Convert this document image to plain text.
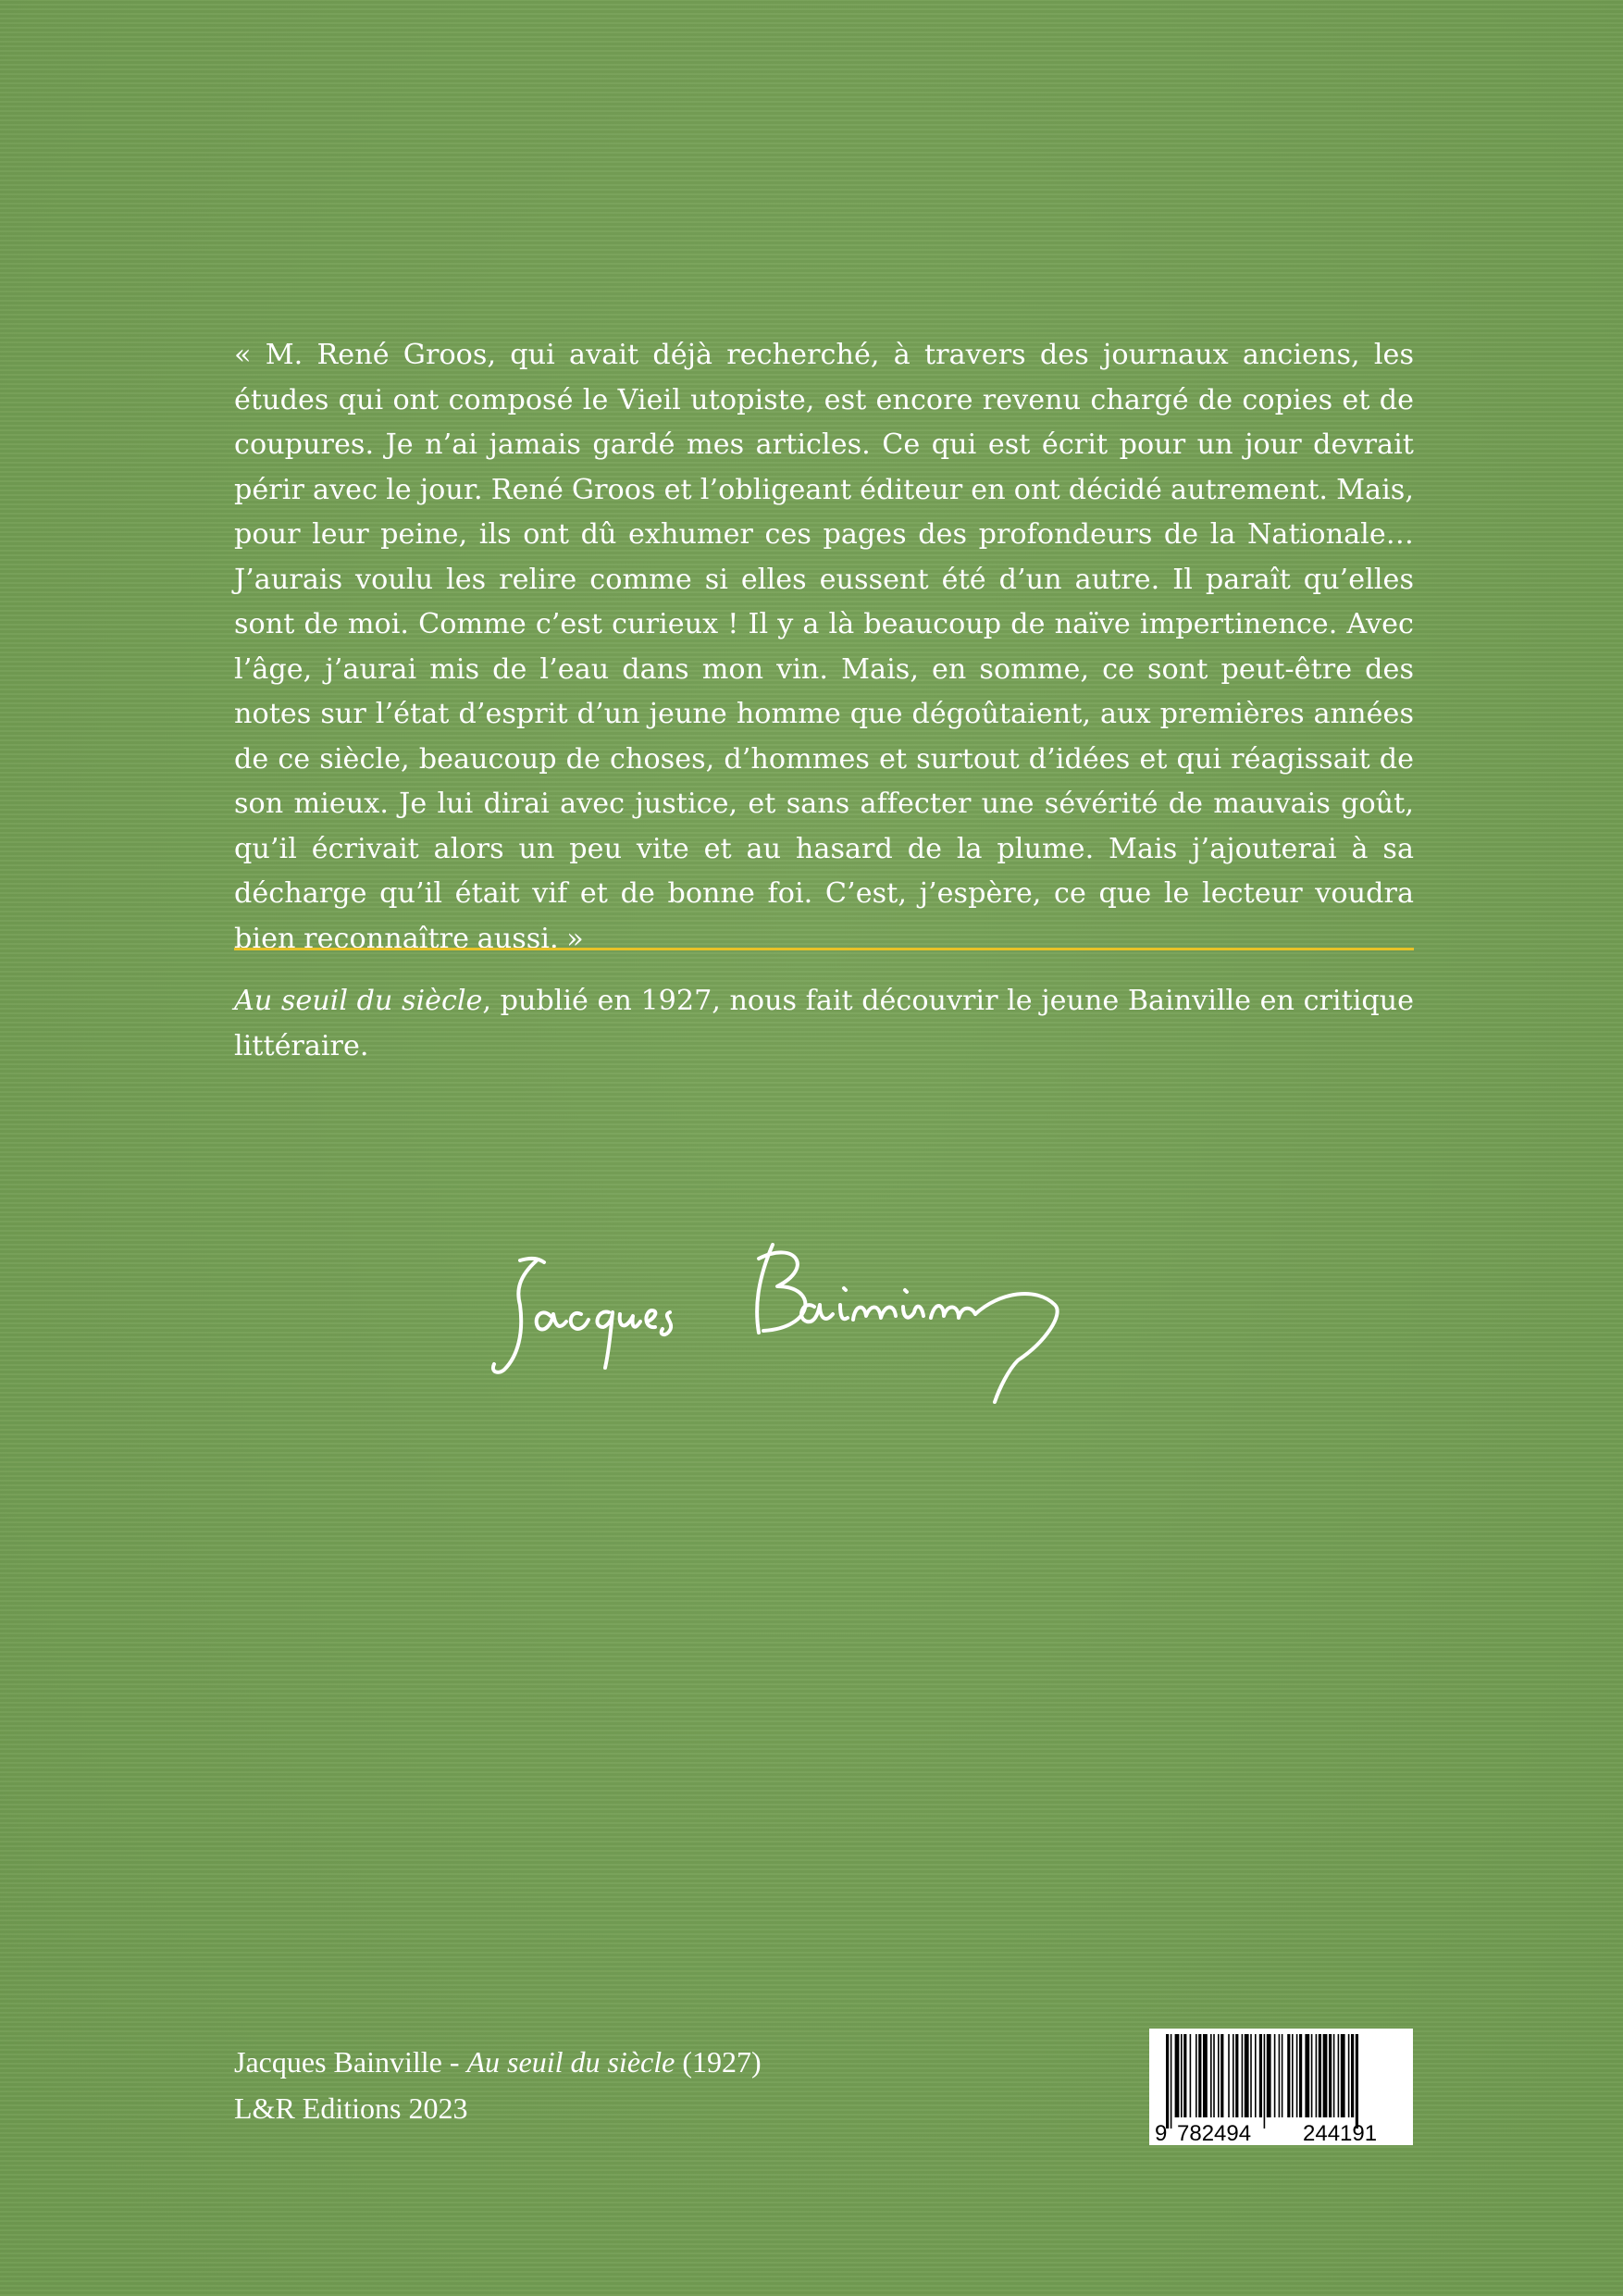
« M. René Groos, qui avait déjà recherché, à travers des journaux anciens, les études qui ont composé le Vieil utopiste, est encore revenu chargé de copies et de coupures. Je n’ai jamais gardé mes articles. Ce qui est écrit pour un jour devrait périr avec le jour. René Groos et l’obligeant éditeur en ont décidé autrement. Mais, pour leur peine, ils ont dû exhumer ces pages des profondeurs de la Nationale… J’aurais voulu les relire comme si elles eussent été d’un autre. Il paraît qu’elles sont de moi. Comme c’est curieux ! Il y a là beaucoup de naïve impertinence. Avec l’âge, j’aurai mis de l’eau dans mon vin. Mais, en somme, ce sont peut-être des notes sur l’état d’esprit d’un jeune homme que dégoûtaient, aux premières années de ce siècle, beaucoup de choses, d’hommes et surtout d’idées et qui réagissait de son mieux. Je lui dirai avec justice, et sans affecter une sévérité de mauvais goût, qu’il écrivait alors un peu vite et au hasard de la plume. Mais j’ajouterai à sa décharge qu’il était vif et de bonne foi. C’est, j’espère, ce que le lecteur voudra bien reconnaître aussi. »

Au seuil du siècle, publié en 1927, nous fait découvrir le jeune Bainville en critique littéraire.

Jacques Bainville - Au seuil du siècle (1927)
L&R Editions 2023
9 782494 244191
